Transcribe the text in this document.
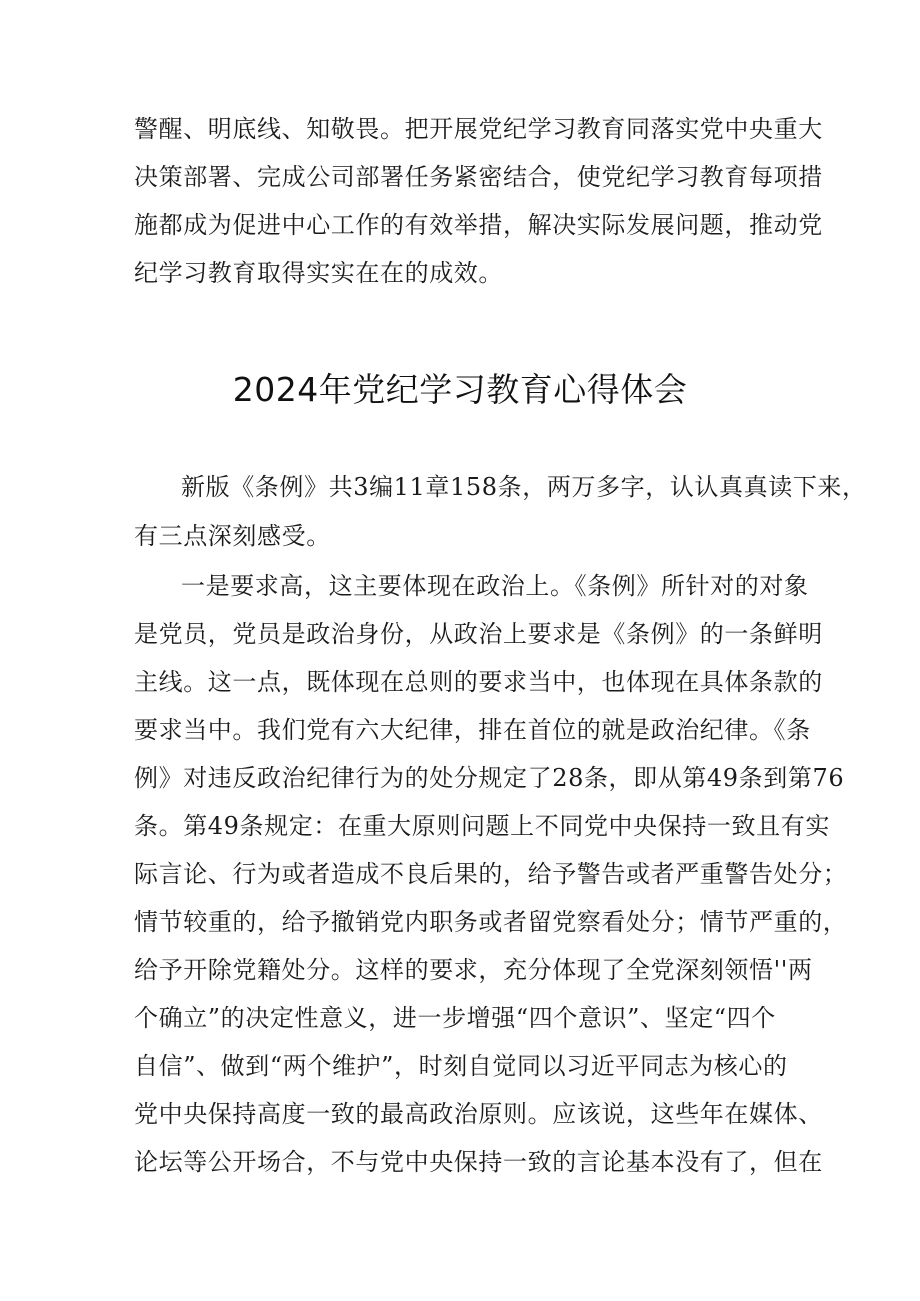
警醒、明底线、知敬畏。把开展党纪学习教育同落实党中央重大
决策部署、完成公司部署任务紧密结合，使党纪学习教育每项措
施都成为促进中心工作的有效举措，解决实际发展问题，推动党
纪学习教育取得实实在在的成效。
2024年党纪学习教育心得体会
新版《条例》共3编11章158条，两万多字，认认真真读下来，
有三点深刻感受。
一是要求高，这主要体现在政治上。《条例》所针对的对象
是党员，党员是政治身份，从政治上要求是《条例》的一条鲜明
主线。这一点，既体现在总则的要求当中，也体现在具体条款的
要求当中。我们党有六大纪律，排在首位的就是政治纪律。《条
例》对违反政治纪律行为的处分规定了28条，即从第49条到第76
条。第49条规定：在重大原则问题上不同党中央保持一致且有实
际言论、行为或者造成不良后果的，给予警告或者严重警告处分；
情节较重的，给予撤销党内职务或者留党察看处分；情节严重的，
给予开除党籍处分。这样的要求，充分体现了全党深刻领悟''两
个确立”的决定性意义，进一步增强“四个意识”、坚定“四个
自信”、做到“两个维护”，时刻自觉同以习近平同志为核心的
党中央保持高度一致的最高政治原则。应该说，这些年在媒体、
论坛等公开场合，不与党中央保持一致的言论基本没有了，但在
